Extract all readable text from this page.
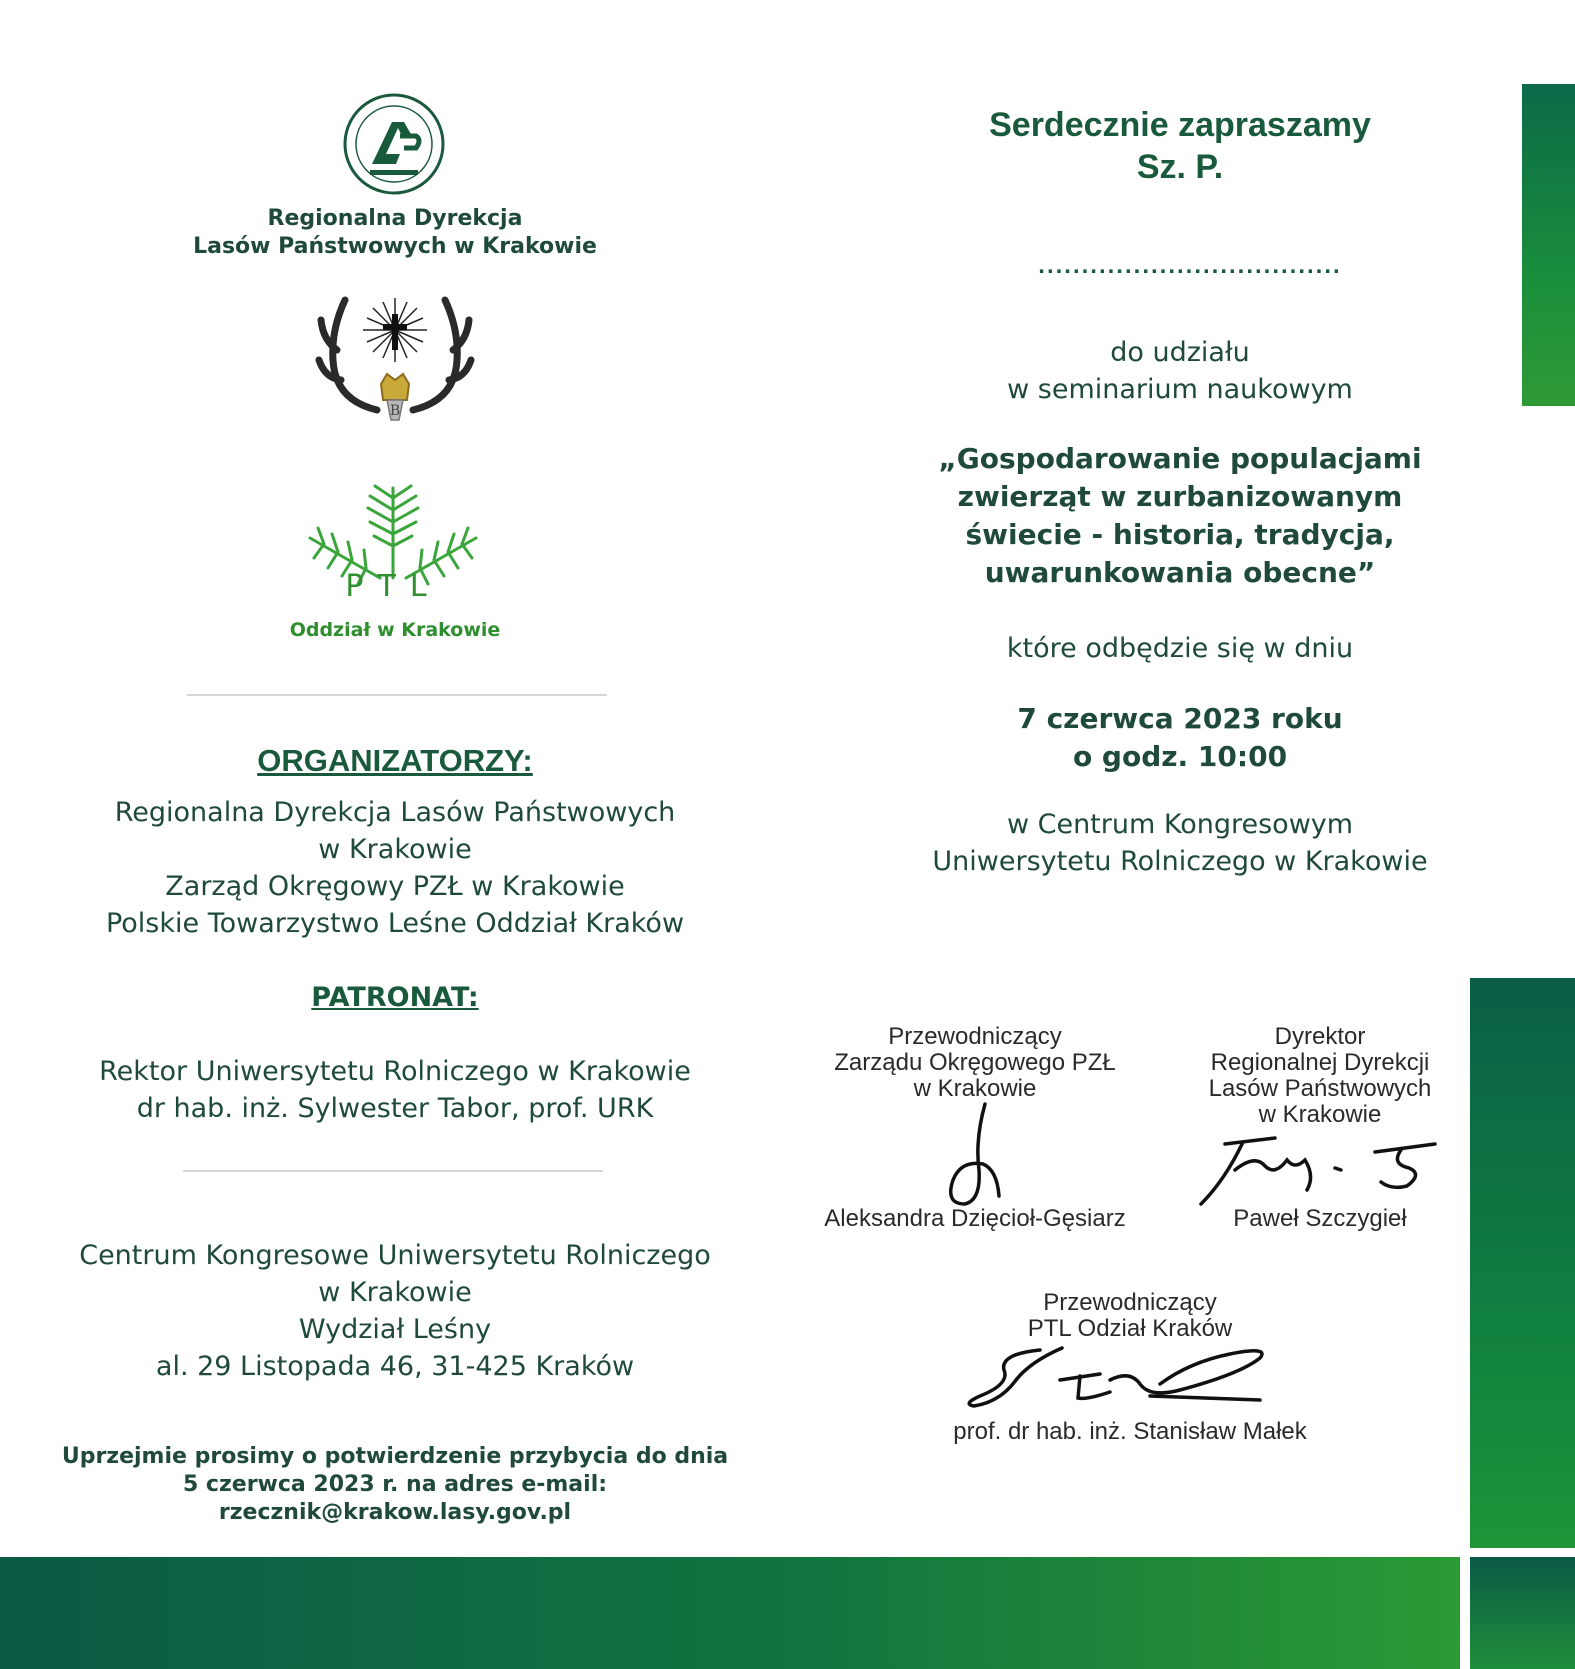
Regionalna Dyrekcja
Lasów Państwowych w Krakowie
B
PTL
Oddział w Krakowie
ORGANIZATORZY:
Regionalna Dyrekcja Lasów Państwowych
w Krakowie
Zarząd Okręgowy PZŁ w Krakowie
Polskie Towarzystwo Leśne Oddział Kraków
PATRONAT:
Rektor Uniwersytetu Rolniczego w Krakowie
dr hab. inż. Sylwester Tabor, prof. URK
Centrum Kongresowe Uniwersytetu Rolniczego
w Krakowie
Wydział Leśny
al. 29 Listopada 46, 31-425 Kraków
Uprzejmie prosimy o potwierdzenie przybycia do dnia
5 czerwca 2023 r. na adres e-mail: rzecznik@krakow.lasy.gov.pl
Serdecznie zapraszamy
Sz. P.
...................................
do udziału
w seminarium naukowym
„Gospodarowanie populacjami
zwierząt w zurbanizowanym
świecie - historia, tradycja,
uwarunkowania obecne”
które odbędzie się w dniu
7 czerwca 2023 roku
o godz. 10:00
w Centrum Kongresowym
Uniwersytetu Rolniczego w Krakowie
Przewodniczący
Zarządu Okręgowego PZŁ
w Krakowie
Aleksandra Dzięcioł-Gęsiarz
Dyrektor
Regionalnej Dyrekcji
Lasów Państwowych
w Krakowie
Paweł Szczygieł
Przewodniczący
PTL Odział Kraków
prof. dr hab. inż. Stanisław Małek
